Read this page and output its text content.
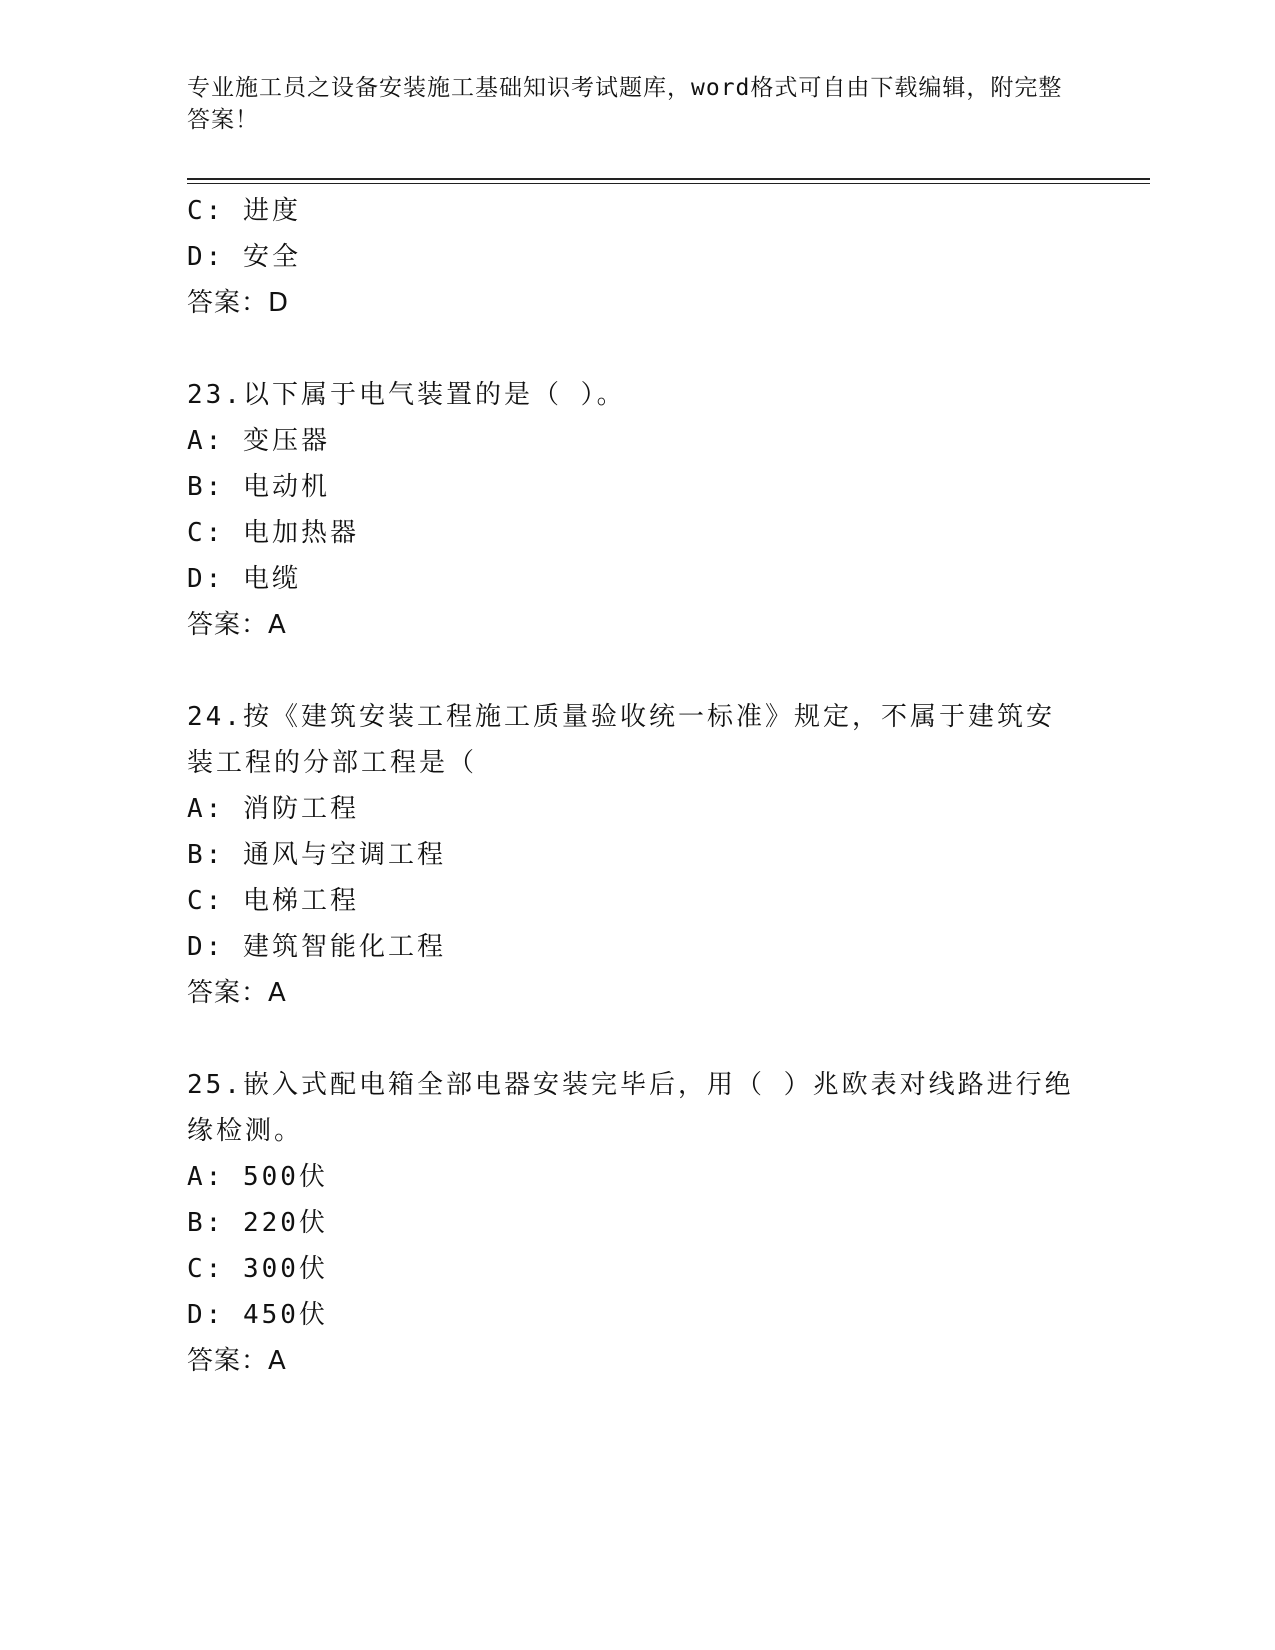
专业施工员之设备安装施工基础知识考试题库，word格式可自由下载编辑，附完整答案！
C: 进度
D: 安全
答案：D
23.以下属于电气装置的是（ ）。
A: 变压器
B: 电动机
C: 电加热器
D: 电缆
答案：A
24.按《建筑安装工程施工质量验收统一标准》规定，不属于建筑安装工程的分部工程是（
A: 消防工程
B: 通风与空调工程
C: 电梯工程
D: 建筑智能化工程
答案：A
25.嵌入式配电箱全部电器安装完毕后，用（ ）兆欧表对线路进行绝缘检测。
A: 500伏
B: 220伏
C: 300伏
D: 450伏
答案：A
